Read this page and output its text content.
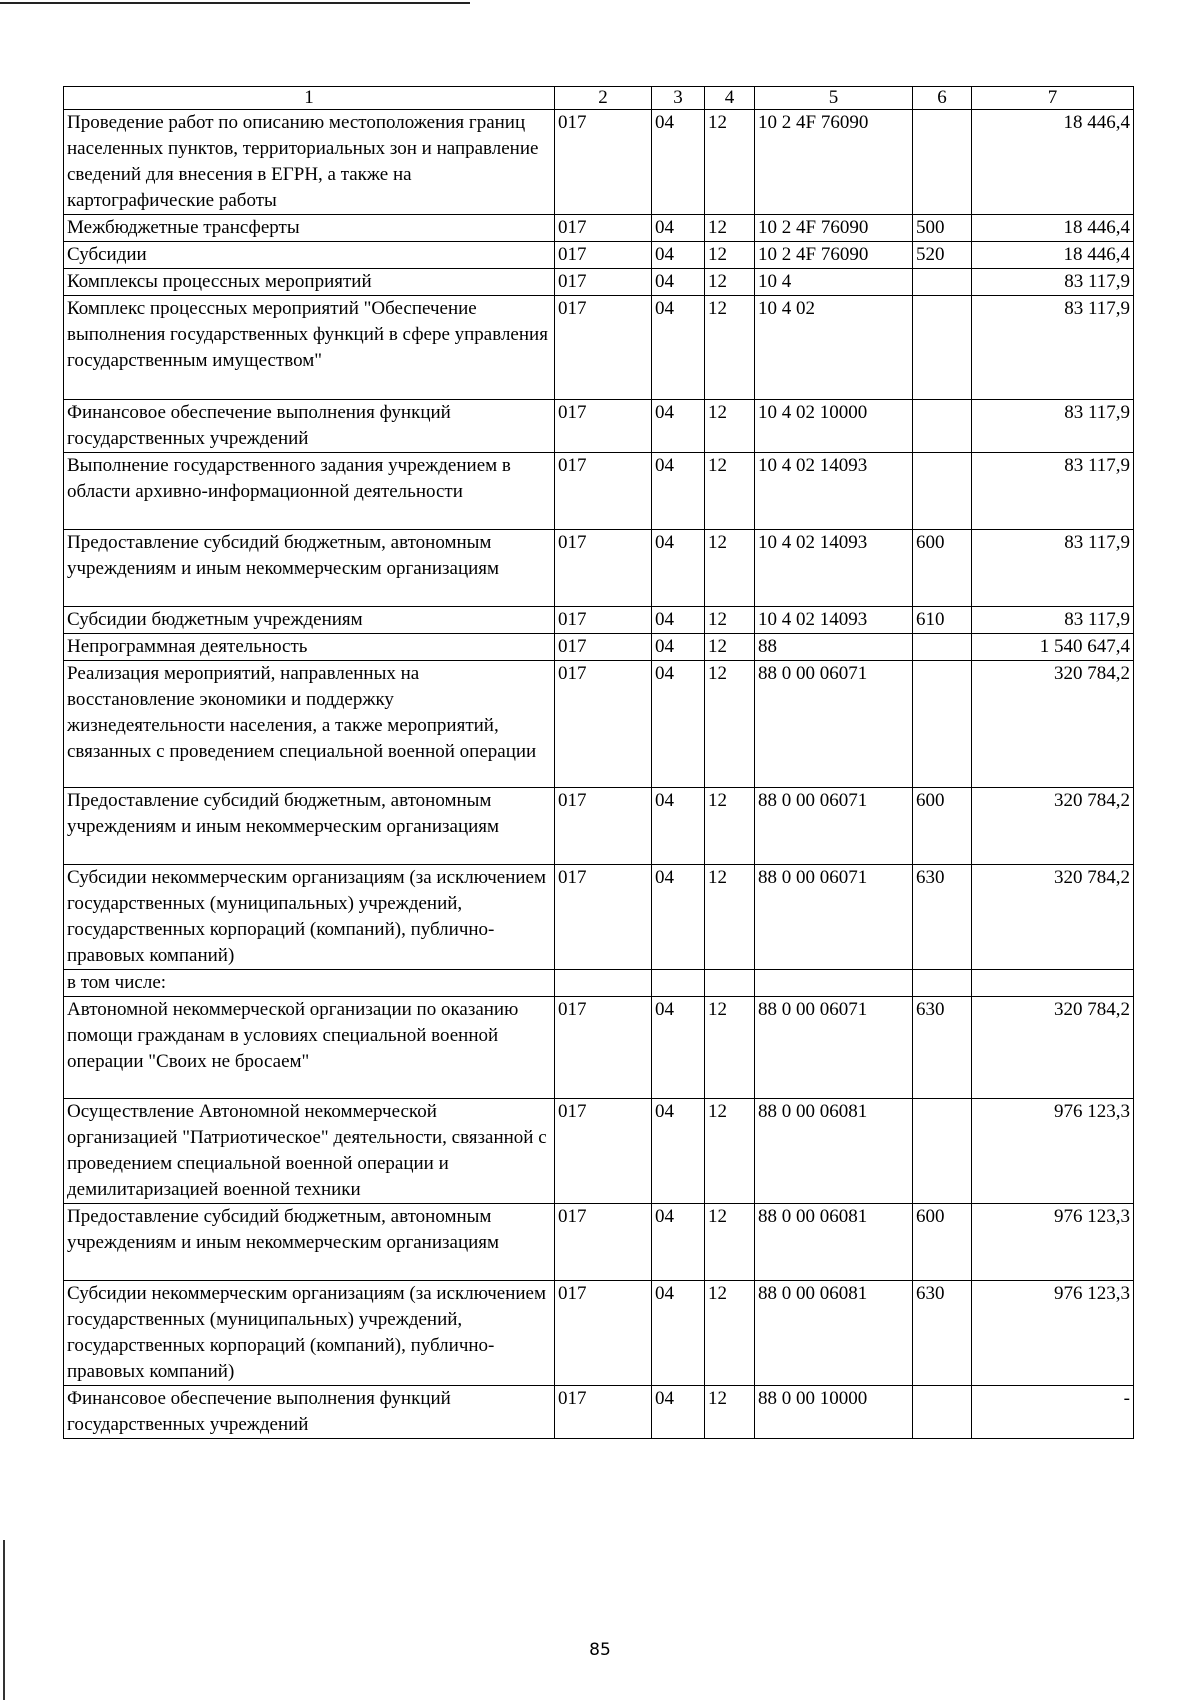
1	2	3	4	5	6	7
Проведение работ по описанию местоположения границ населенных пунктов, территориальных зон и направление сведений для внесения в ЕГРН, а также на картографические работы	017	04	12	10 2 4F 76090		18 446,4
Межбюджетные трансферты	017	04	12	10 2 4F 76090	500	18 446,4
Субсидии	017	04	12	10 2 4F 76090	520	18 446,4
Комплексы процессных мероприятий	017	04	12	10 4		83 117,9
Комплекс процессных мероприятий "Обеспечение выполнения государственных функций в сфере управления государственным имуществом"	017	04	12	10 4 02		83 117,9
Финансовое обеспечение выполнения функций государственных учреждений	017	04	12	10 4 02 10000		83 117,9
Выполнение государственного задания учреждением в области архивно-информационной деятельности	017	04	12	10 4 02 14093		83 117,9
Предоставление субсидий бюджетным, автономным учреждениям и иным некоммерческим организациям	017	04	12	10 4 02 14093	600	83 117,9
Субсидии бюджетным учреждениям	017	04	12	10 4 02 14093	610	83 117,9
Непрограммная деятельность	017	04	12	88		1 540 647,4
Реализация мероприятий, направленных на восстановление экономики и поддержку жизнедеятельности населения, а также мероприятий, связанных с проведением специальной военной операции	017	04	12	88 0 00 06071		320 784,2
Предоставление субсидий бюджетным, автономным учреждениям и иным некоммерческим организациям	017	04	12	88 0 00 06071	600	320 784,2
Субсидии некоммерческим организациям (за исключением государственных (муниципальных) учреждений, государственных корпораций (компаний), публично-правовых компаний)	017	04	12	88 0 00 06071	630	320 784,2
в том числе:						
Автономной некоммерческой организации по оказанию помощи гражданам в условиях специальной военной операции "Своих не бросаем"	017	04	12	88 0 00 06071	630	320 784,2
Осуществление Автономной некоммерческой организацией "Патриотическое" деятельности, связанной с проведением специальной военной операции и демилитаризацией военной техники	017	04	12	88 0 00 06081		976 123,3
Предоставление субсидий бюджетным, автономным учреждениям и иным некоммерческим организациям	017	04	12	88 0 00 06081	600	976 123,3
Субсидии некоммерческим организациям (за исключением государственных (муниципальных) учреждений, государственных корпораций (компаний), публично-правовых компаний)	017	04	12	88 0 00 06081	630	976 123,3
Финансовое обеспечение выполнения функций государственных учреждений	017	04	12	88 0 00 10000		-
85
